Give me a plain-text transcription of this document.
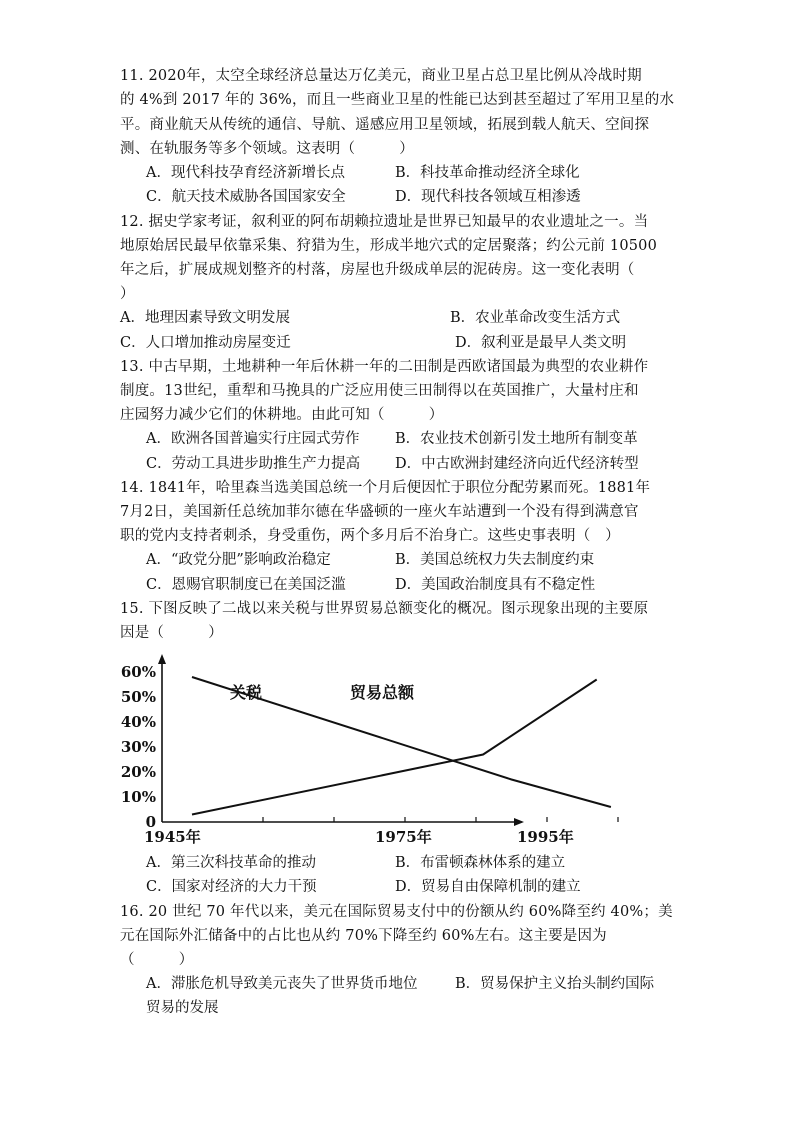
11. 2020年，太空全球经济总量达万亿美元，商业卫星占总卫星比例从冷战时期
的 4%到 2017 年的 36%，而且一些商业卫星的性能已达到甚至超过了军用卫星的水
平。商业航天从传统的通信、导航、遥感应用卫星领域，拓展到载人航天、空间探
测、在轨服务等多个领域。这表明（　　　）
A．现代科技孕育经济新增长点	B．科技革命推动经济全球化
C．航天技术威胁各国国家安全	D．现代科技各领域互相渗透
12. 据史学家考证，叙利亚的阿布胡赖拉遗址是世界已知最早的农业遗址之一。当
地原始居民最早依靠采集、狩猎为生，形成半地穴式的定居聚落；约公元前 10500
年之后，扩展成规划整齐的村落，房屋也升级成单层的泥砖房。这一变化表明（
）
A．地理因素导致文明发展	B．农业革命改变生活方式
C．人口增加推动房屋变迁	D．叙利亚是最早人类文明
13. 中古早期，土地耕种一年后休耕一年的二田制是西欧诸国最为典型的农业耕作
制度。13世纪，重犁和马挽具的广泛应用使三田制得以在英国推广，大量村庄和
庄园努力减少它们的休耕地。由此可知（　　　）
A．欧洲各国普遍实行庄园式劳作 B．农业技术创新引发土地所有制变革
C．劳动工具进步助推生产力提高 D．中古欧洲封建经济向近代经济转型
14. 1841年，哈里森当选美国总统一个月后便因忙于职位分配劳累而死。1881年
7月2日，美国新任总统加菲尔德在华盛顿的一座火车站遭到一个没有得到满意官
职的党内支持者刺杀，身受重伤，两个多月后不治身亡。这些史事表明（　）
A．“政党分肥”影响政治稳定	B．美国总统权力失去制度约束
C．恩赐官职制度已在美国泛滥	D．美国政治制度具有不稳定性
15. 下图反映了二战以来关税与世界贸易总额变化的概况。图示现象出现的主要原
因是（　　　）
60%
50%
40%
30%
20%
10%
0
1945年	1975年	1995年
关税	贸易总额
A．第三次科技革命的推动	B．布雷顿森林体系的建立
C．国家对经济的大力干预	D．贸易自由保障机制的建立
16. 20 世纪 70 年代以来，美元在国际贸易支付中的份额从约 60%降至约 40%；美
元在国际外汇储备中的占比也从约 70%下降至约 60%左右。这主要是因为
（　　　）
A．滞胀危机导致美元丧失了世界货币地位	B．贸易保护主义抬头制约国际
贸易的发展
